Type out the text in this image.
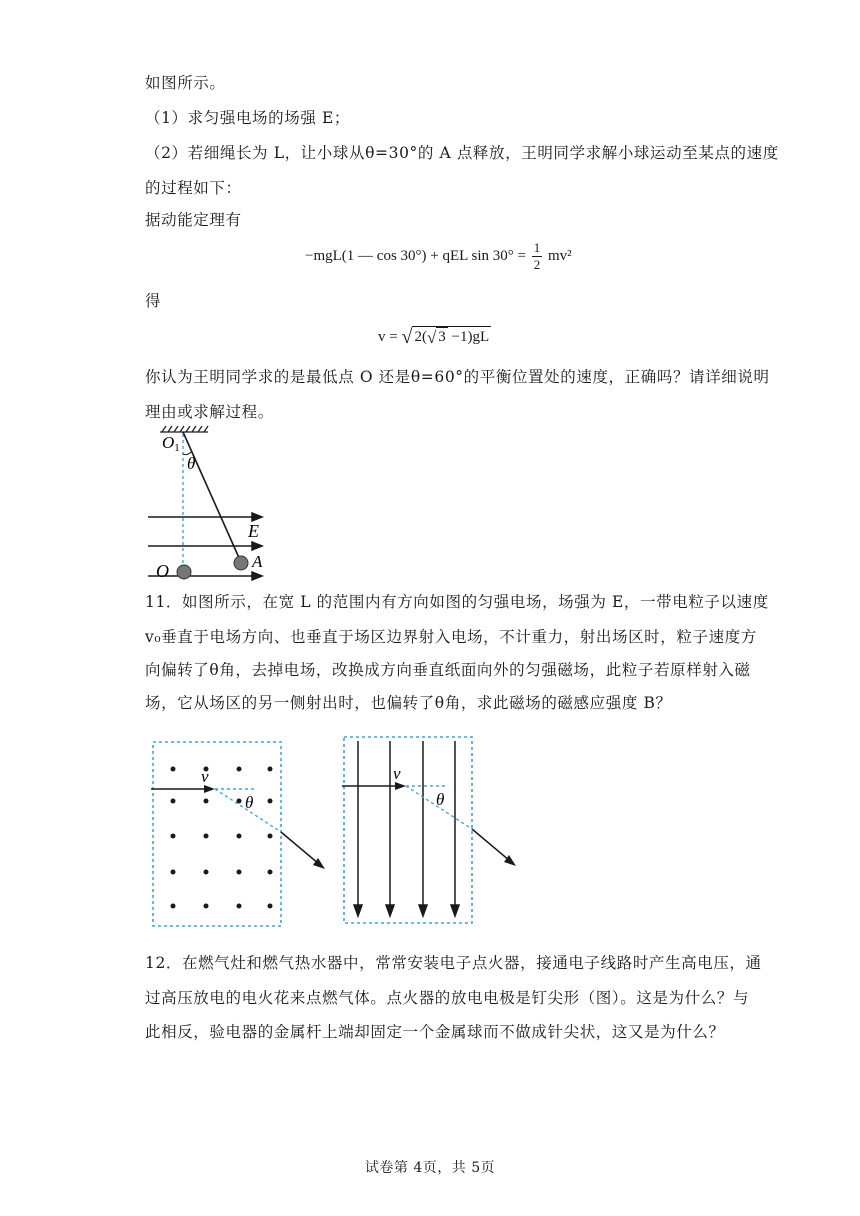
如图所示。
（1）求匀强电场的场强 E；
（2）若细绳长为 L，让小球从θ=30°的 A 点释放，王明同学求解小球运动至某点的速度
的过程如下：
据动能定理有
−mgL(1 — cos 30°) + qEL $\sin 30^\circ = \frac{1}{2} mv^2$
得
v = √ 2(√ 3 −1)gL
你认为王明同学求的是最低点 O 还是θ=60°的平衡位置处的速度，正确吗？请详细说明
理由或求解过程。
O1
θ
E
O	A
11．如图所示，在宽 L 的范围内有方向如图的匀强电场，场强为 E，一带电粒子以速度
v₀垂直于电场方向、也垂直于场区边界射入电场，不计重力，射出场区时，粒子速度方
向偏转了θ角，去掉电场，改换成方向垂直纸面向外的匀强磁场，此粒子若原样射入磁
场，它从场区的另一侧射出时，也偏转了θ角，求此磁场的磁感应强度 B？
v
θ
v
θ
12．在燃气灶和燃气热水器中，常常安装电子点火器，接通电子线路时产生高电压，通
过高压放电的电火花来点燃气体。点火器的放电电极是钉尖形（图）。这是为什么？与
此相反，验电器的金属杆上端却固定一个金属球而不做成针尖状，这又是为什么？
试卷第 4页，共 5页
